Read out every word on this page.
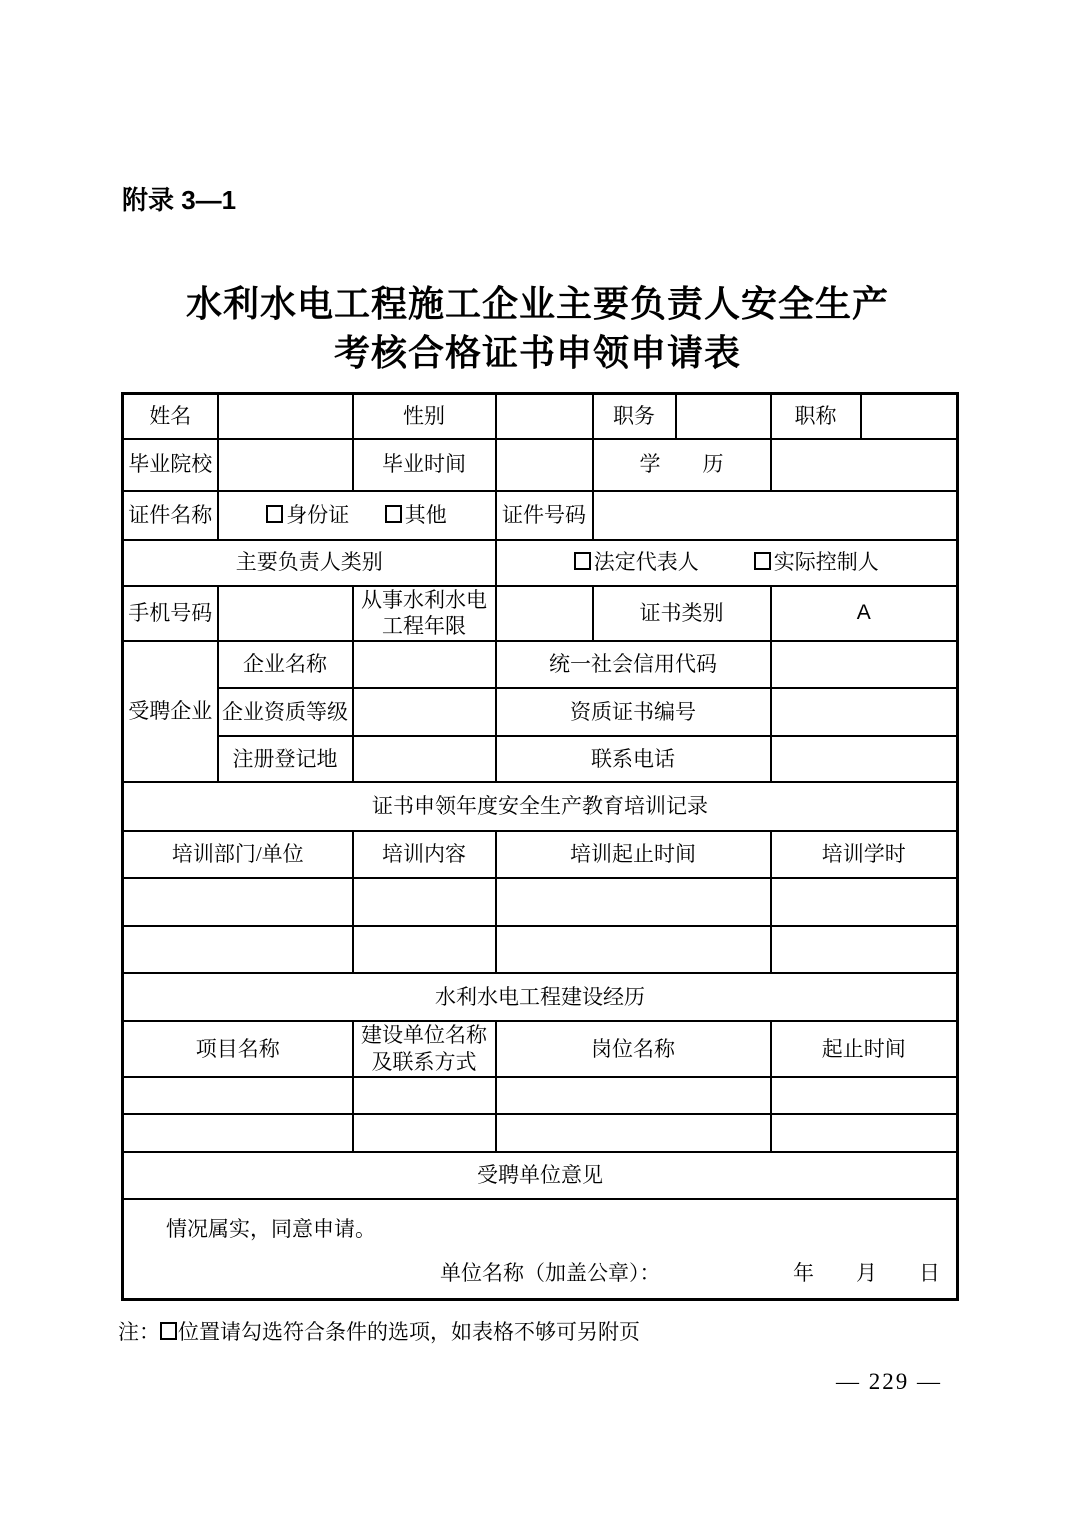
附录 3—1
水利水电工程施工企业主要负责人安全生产
考核合格证书申领申请表
姓名		性别		职务		职称	
毕业院校		毕业时间		学　　历			
证件名称	身份证 其他		证件号码				
主要负责人类别			法定代表人 实际控制人				

手机号码		从事水利水电工程年限		证书类别		A	
受聘企业	企业名称		统一社会信用代码				
	企业资质等级		资质证书编号				
	注册登记地		联系电话				
证书申领年度安全生产教育培训记录							
培训部门/单位		培训内容	培训起止时间			培训学时	

水利水电工程建设经历							
项目名称		建设单位名称及联系方式	岗位名称			起止时间	

受聘单位意见							

情况属实，同意申请。
单位名称（加盖公章）： 年　　月　　日							
注： 位置请勾选符合条件的选项，如表格不够可另附页
— 229 —
